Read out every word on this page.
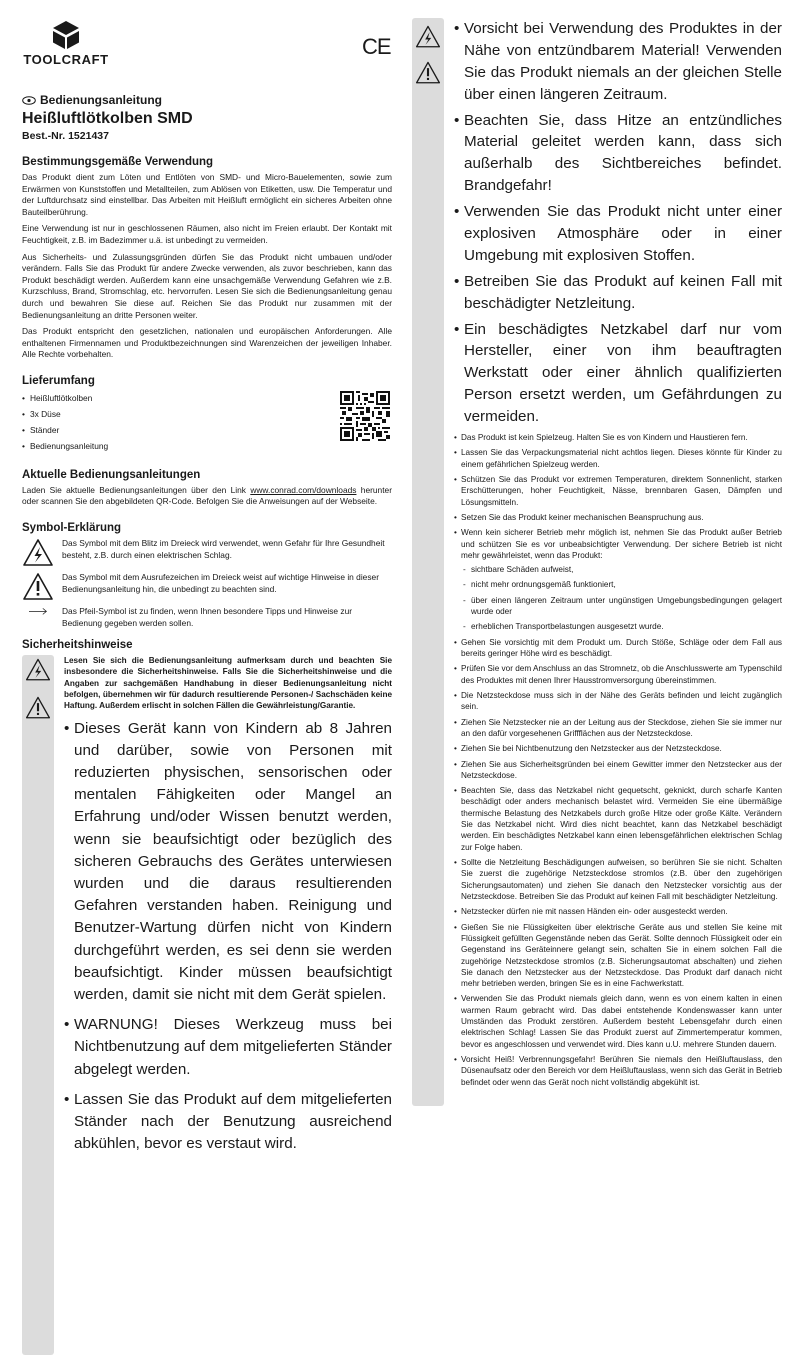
TOOLCRAFT
CE
Bedienungsanleitung
Heißluftlötkolben SMD
Best.-Nr. 1521437
Bestimmungsgemäße Verwendung

Das Produkt dient zum Löten und Entlöten von SMD- und Micro-Bauelementen, sowie zum Erwärmen von Kunststoffen und Metallteilen, zum Ablösen von Etiketten, usw. Die Temperatur und der Luftdurchsatz sind einstellbar. Das Arbeiten mit Heißluft ermöglicht ein sicheres Arbeiten ohne Bauteilberührung.

Eine Verwendung ist nur in geschlossenen Räumen, also nicht im Freien erlaubt. Der Kontakt mit Feuchtigkeit, z.B. im Badezimmer u.ä. ist unbedingt zu vermeiden.

Aus Sicherheits- und Zulassungsgründen dürfen Sie das Produkt nicht umbauen und/oder verändern. Falls Sie das Produkt für andere Zwecke verwenden, als zuvor beschrieben, kann das Produkt beschädigt werden. Außerdem kann eine unsachgemäße Verwendung Gefahren wie z.B. Kurzschluss, Brand, Stromschlag, etc. hervorrufen. Lesen Sie sich die Bedienungsanleitung genau durch und bewahren Sie diese auf. Reichen Sie das Produkt nur zusammen mit der Bedienungsanleitung an dritte Personen weiter.

Das Produkt entspricht den gesetzlichen, nationalen und europäischen Anforderungen. Alle enthaltenen Firmennamen und Produktbezeichnungen sind Warenzeichen der jeweiligen Inhaber. Alle Rechte vorbehalten.

Lieferumfang
• Heißluftlötkolben
• 3x Düse
• Ständer
• Bedienungsanleitung
Aktuelle Bedienungsanleitungen

Laden Sie aktuelle Bedienungsanleitungen über den Link www.conrad.com/downloads herunter oder scannen Sie den abgebildeten QR-Code. Befolgen Sie die Anweisungen auf der Webseite.

Symbol-Erklärung

Das Symbol mit dem Blitz im Dreieck wird verwendet, wenn Gefahr für Ihre Gesundheit besteht, z.B. durch einen elektrischen Schlag.

Das Symbol mit dem Ausrufezeichen im Dreieck weist auf wichtige Hinweise in dieser Bedienungsanleitung hin, die unbedingt zu beachten sind.

Das Pfeil-Symbol ist zu finden, wenn Ihnen besondere Tipps und Hinweise zur Bedienung gegeben werden sollen.

Sicherheitshinweise

Lesen Sie sich die Bedienungsanleitung aufmerksam durch und beachten Sie insbesondere die Sicherheitshinweise. Falls Sie die Sicherheitshinweise und die Angaben zur sachgemäßen Handhabung in dieser Bedienungsanleitung nicht befolgen, übernehmen wir für dadurch resultierende Personen-/ Sachschäden keine Haftung. Außerdem erlischt in solchen Fällen die Gewährleistung/Garantie.

• Dieses Gerät kann von Kindern ab 8 Jahren und darüber, sowie von Personen mit reduzierten physischen, sensorischen oder mentalen Fähigkeiten oder Mangel an Erfahrung und/oder Wissen benutzt werden, wenn sie beaufsichtigt oder bezüglich des sicheren Gebrauchs des Gerätes unterwiesen wurden und die daraus resultierenden Gefahren verstanden haben. Reinigung und Benutzer-Wartung dürfen nicht von Kindern durchgeführt werden, es sei denn sie werden beaufsichtigt. Kinder müssen beaufsichtigt werden, damit sie nicht mit dem Gerät spielen.
• WARNUNG! Dieses Werkzeug muss bei Nichtbenutzung auf dem mitgelieferten Ständer abgelegt werden.
• Lassen Sie das Produkt auf dem mitgelieferten Ständer nach der Benutzung ausreichend abkühlen, bevor es verstaut wird.
• Vorsicht bei Verwendung des Produktes in der Nähe von entzündbarem Material! Verwenden Sie das Produkt niemals an der gleichen Stelle über einen längeren Zeitraum.
• Beachten Sie, dass Hitze an entzündliches Material geleitet werden kann, dass sich außerhalb des Sichtbereiches befindet. Brandgefahr!
• Verwenden Sie das Produkt nicht unter einer explosiven Atmosphäre oder in einer Umgebung mit explosiven Stoffen.
• Betreiben Sie das Produkt auf keinen Fall mit beschädigter Netzleitung.
• Ein beschädigtes Netzkabel darf nur vom Hersteller, einer von ihm beauftragten Werkstatt oder einer ähnlich qualifizierten Person ersetzt werden, um Gefährdungen zu vermeiden.
• Das Produkt ist kein Spielzeug. Halten Sie es von Kindern und Haustieren fern.
• Lassen Sie das Verpackungsmaterial nicht achtlos liegen. Dieses könnte für Kinder zu einem gefährlichen Spielzeug werden.
• Schützen Sie das Produkt vor extremen Temperaturen, direktem Sonnenlicht, starken Erschütterungen, hoher Feuchtigkeit, Nässe, brennbaren Gasen, Dämpfen und Lösungsmitteln.
• Setzen Sie das Produkt keiner mechanischen Beanspruchung aus.
• Wenn kein sicherer Betrieb mehr möglich ist, nehmen Sie das Produkt außer Betrieb und schützen Sie es vor unbeabsichtigter Verwendung. Der sichere Betrieb ist nicht mehr gewährleistet, wenn das Produkt:
- sichtbare Schäden aufweist,
- nicht mehr ordnungsgemäß funktioniert,
- über einen längeren Zeitraum unter ungünstigen Umgebungsbedingungen gelagert wurde oder
- erheblichen Transportbelastungen ausgesetzt wurde.
• Gehen Sie vorsichtig mit dem Produkt um. Durch Stöße, Schläge oder dem Fall aus bereits geringer Höhe wird es beschädigt.
• Prüfen Sie vor dem Anschluss an das Stromnetz, ob die Anschlusswerte am Typenschild des Produktes mit denen Ihrer Hausstromversorgung übereinstimmen.
• Die Netzsteckdose muss sich in der Nähe des Geräts befinden und leicht zugänglich sein.
• Ziehen Sie Netzstecker nie an der Leitung aus der Steckdose, ziehen Sie sie immer nur an den dafür vorgesehenen Griffflächen aus der Netzsteckdose.
• Ziehen Sie bei Nichtbenutzung den Netzstecker aus der Netzsteckdose.
• Ziehen Sie aus Sicherheitsgründen bei einem Gewitter immer den Netzstecker aus der Netzsteckdose.
• Beachten Sie, dass das Netzkabel nicht gequetscht, geknickt, durch scharfe Kanten beschädigt oder anders mechanisch belastet wird. Vermeiden Sie eine übermäßige thermische Belastung des Netzkabels durch große Hitze oder große Kälte. Verändern Sie das Netzkabel nicht. Wird dies nicht beachtet, kann das Netzkabel beschädigt werden. Ein beschädigtes Netzkabel kann einen lebensgefährlichen elektrischen Schlag zur Folge haben.
• Sollte die Netzleitung Beschädigungen aufweisen, so berühren Sie sie nicht. Schalten Sie zuerst die zugehörige Netzsteckdose stromlos (z.B. über den zugehörigen Sicherungsautomaten) und ziehen Sie danach den Netzstecker vorsichtig aus der Netzsteckdose. Betreiben Sie das Produkt auf keinen Fall mit beschädigter Netzleitung.
• Netzstecker dürfen nie mit nassen Händen ein- oder ausgesteckt werden.
• Gießen Sie nie Flüssigkeiten über elektrische Geräte aus und stellen Sie keine mit Flüssigkeit gefüllten Gegenstände neben das Gerät. Sollte dennoch Flüssigkeit oder ein Gegenstand ins Geräteinnere gelangt sein, schalten Sie in einem solchen Fall die zugehörige Netzsteckdose stromlos (z.B. Sicherungsautomat abschalten) und ziehen Sie danach den Netzstecker aus der Netzsteckdose. Das Produkt darf danach nicht mehr betrieben werden, bringen Sie es in eine Fachwerkstatt.
• Verwenden Sie das Produkt niemals gleich dann, wenn es von einem kalten in einen warmen Raum gebracht wird. Das dabei entstehende Kondenswasser kann unter Umständen das Produkt zerstören. Außerdem besteht Lebensgefahr durch einen elektrischen Schlag! Lassen Sie das Produkt zuerst auf Zimmertemperatur kommen, bevor es angeschlossen und verwendet wird. Dies kann u.U. mehrere Stunden dauern.
• Vorsicht Heiß! Verbrennungsgefahr! Berühren Sie niemals den Heißluftauslass, den Düsenaufsatz oder den Bereich vor dem Heißluftauslass, wenn sich das Gerät in Betrieb befindet oder wenn das Gerät noch nicht vollständig abgekühlt ist.
